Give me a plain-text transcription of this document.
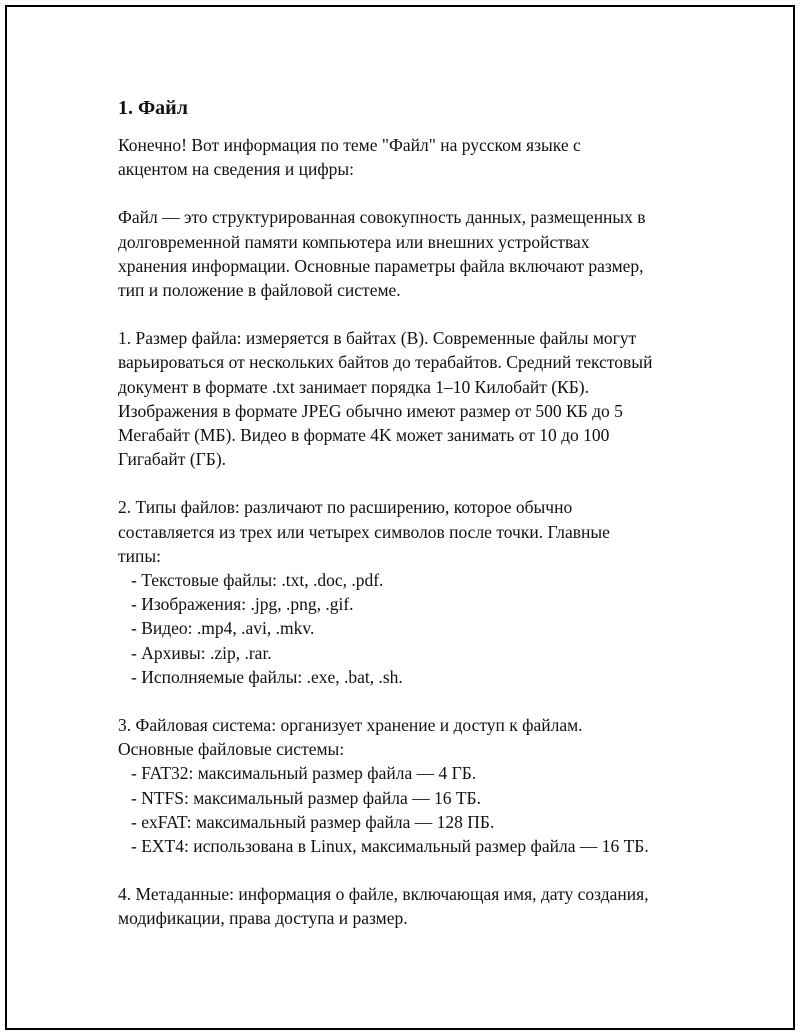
1. Файл
Конечно! Вот информация по теме "Файл" на русском языке с
акцентом на сведения и цифры:
Файл — это структурированная совокупность данных, размещенных в
долговременной памяти компьютера или внешних устройствах
хранения информации. Основные параметры файла включают размер,
тип и положение в файловой системе.
1. Размер файла: измеряется в байтах (B). Современные файлы могут
варьироваться от нескольких байтов до терабайтов. Средний текстовый
документ в формате .txt занимает порядка 1–10 Килобайт (КБ).
Изображения в формате JPEG обычно имеют размер от 500 КБ до 5
Мегабайт (МБ). Видео в формате 4K может занимать от 10 до 100
Гигабайт (ГБ).
2. Типы файлов: различают по расширению, которое обычно
составляется из трех или четырех символов после точки. Главные
типы:
- Текстовые файлы: .txt, .doc, .pdf.
- Изображения: .jpg, .png, .gif.
- Видео: .mp4, .avi, .mkv.
- Архивы: .zip, .rar.
- Исполняемые файлы: .exe, .bat, .sh.
3. Файловая система: организует хранение и доступ к файлам.
Основные файловые системы:
- FAT32: максимальный размер файла — 4 ГБ.
- NTFS: максимальный размер файла — 16 ТБ.
- exFAT: максимальный размер файла — 128 ПБ.
- EXT4: использована в Linux, максимальный размер файла — 16 ТБ.
4. Метаданные: информация о файле, включающая имя, дату создания,
модификации, права доступа и размер.
